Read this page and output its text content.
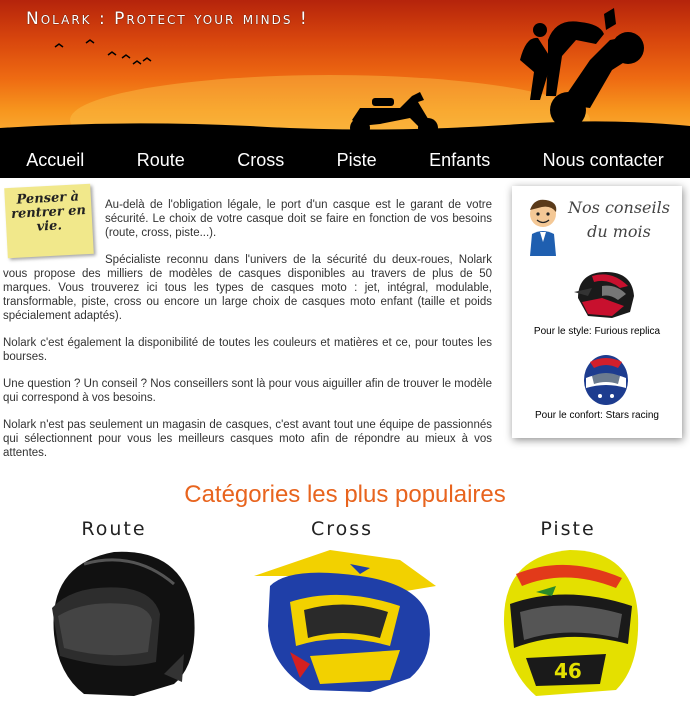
Nolark : Protect your minds !
Accueil	Route	Cross	Piste	Enfants	Nous contacter

Au-delà de l'obligation légale, le port d'un casque est le garant de votre sécurité. Le choix de votre casque doit se faire en fonction de vos besoins (route, cross, piste...).

Spécialiste reconnu dans l'univers de la sécurité du deux-roues, Nolark vous propose des milliers de modèles de casques disponibles au travers de plus de 50 marques. Vous trouverez ici tous les types de casques moto : jet, intégral, modulable, transformable, piste, cross ou encore un large choix de casques moto enfant (taille et poids spécialement adaptés).

Nolark c'est également la disponibilité de toutes les couleurs et matières et ce, pour toutes les bourses.

Une question ? Un conseil ? Nos conseillers sont là pour vous aiguiller afin de trouver le modèle qui correspond à vos besoins.

Nolark n'est pas seulement un magasin de casques, c'est avant tout une équipe de passionnés qui sélectionnent pour vous les meilleurs casques moto afin de répondre au mieux à vos attentes.

Penser à rentrer en vie.
Nos conseils
du mois
Pour le style: Furious replica
Pour le confort: Stars racing
Catégories les plus populaires
Route	Cross	Piste
46
